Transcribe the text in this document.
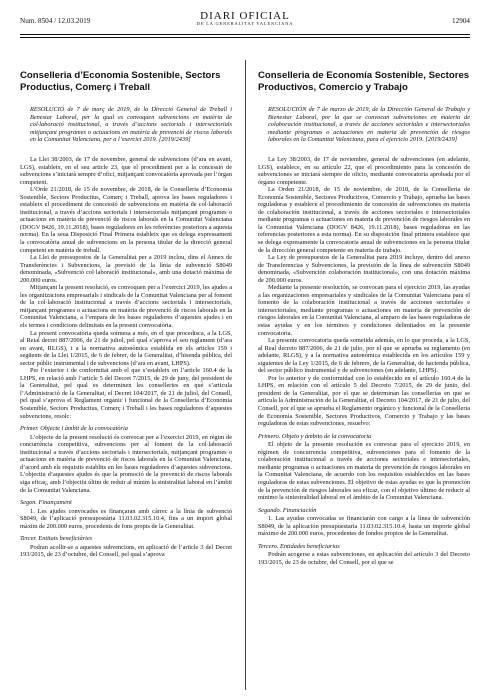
Num. 8504 / 12.03.2019	DIARI OFICIAL
DE LA GENERALITAT VALENCIANA	12904
Conselleria d’Economia Sostenible, Sectors Productius, Comerç i Treball
RESOLUCIÓ de 7 de març de 2019, de la Direcció General de Treball i Benestar Laboral, per la qual es convoquen subvencions en matèria de col·laboració institucional, a través d’accions sectorials i intersectorials mitjançant programes o actuacions en matèria de prevenció de riscos laborals en la Comunitat Valenciana, per a l’exercici 2019. [2019/2439]

La Llei 38/2003, de 17 de novembre, general de subvencions (d’ara en avant, LGS), estableix, en el seu article 23, que el procediment per a la concessió de subvencions s’iniciarà sempre d’ofici, mitjançant convocatòria aprovada per l’òrgan competent.

L’Orde 21/2018, de 15 de novembre, de 2018, de la Conselleria d’Economia Sostenible, Sectors Productius, Comerç i Treball, aprova les bases reguladores i estableix el procediment de concessió de subvencions en matèria de col·laboració institucional, a través d’accions sectorials i intersectorials mitjançant programes o actuacions en matèria de prevenció de riscos laborals en la Comunitat Valenciana (DOGV 8426, 19.11.2018), bases reguladores en les referències posteriors a aquesta norma). En la seua Disposició Final Primera estableix que es delega expressament la convocatòria anual de subvencions en la persona titular de la direcció general competent en matèria de treball.

La Llei de pressupostos de la Generalitat per a 2019 inclou, dins el Annex de Transferències i Subvencions, la previsió de la línia de subvenció S8049 denominada, «Subvenció col·laboració institucional», amb una dotació màxima de 200.000 euros.

Mitjançant la present resolució, es convoquen per a l’exercici 2019, les ajudes a les organitzacions empresarials i sindicals de la Comunitat Valenciana per al foment de la col·laboració institucional a través d’accions sectorials i intersectorials, mitjançant programes o actuacions en matèria de prevenció de riscos laborals en la Comunitat Valenciana, a l’empara de les bases reguladores d’aquestes ajudes i en els termes i condicions delimitats en la present convocatòria.

La present convocatòria queda sotmesa a més, en el que procedisca, a la LGS, al Reial decret 887/2006, de 21 de juliol, pel qual s’aprova el seu reglament (d’ara en avant, RLGS), i a la normativa autonòmica establida en els articles 159 i següents de la Llei 1/2015, de 6 de febrer, de la Generalitat, d’hisenda pública, del sector públic instrumental i de subvencions (d’ara en avant, LHPS).

Per l’exterior i de conformitat amb el que s’estableix en l’article 160.4 de la LHPS, en relació amb l’article 5 del Decret 7/2015, de 29 de juny, del president de la Generalitat, pel qual es determinen les conselleries en què s’articula l’Administració de la Generalitat, el Decret 104/2017, de 21 de juliol, del Consell, pel qual s’aprova el Reglament orgànic i funcional de la Conselleria d’Economia Sostenible, Sectors Productius, Comerç i Treball i les bases reguladores d’aquestes subvencions, resolc:

Primer. Objecte i àmbit de la convocatòria

L’objecte de la present resolució és convocar per a l’exercici 2019, en règim de concurrència competitiva, subvencions per al foment de la col·laboració institucional a través d’accions sectorials i intersectorials, mitjançant programes o actuacions en matèria de prevenció de riscos laborals en la Comunitat Valenciana, d’acord amb els requisits establits en les bases reguladores d’aquestes subvencions. L’objectiu d’aquestes ajudes és que la promoció de la prevenció de riscos laborals siga eficaç, amb l’objectiu últim de reduir al mínim la sinistralitat laboral en l’àmbit de la Comunitat Valenciana.

Segon. Finançament

1. Les ajudes convocades es finançaran amb càrrec a la línia de subvenció S8049, de l’aplicació pressupostària 11.03.02.315.10.4, fins a un import global màxim de 200.000 euros, procedents de fons propis de la Generalitat.

Tercer. Entitats beneficiàries

Podran acollir-se a aquestes subvencions, en aplicació de l’article 3 del Decret 193/2015, de 23 d’octubre, del Consell, pel qual s’aprova

Conselleria de Economía Sostenible, Sectores Productivos, Comercio y Trabajo
RESOLUCIÓN de 7 de marzo de 2019, de la Dirección General de Trabajo y Bienestar Laboral, por la que se convocan subvenciones en materia de colaboración institucional, a través de acciones sectoriales e intersectoriales mediante programas o actuaciones en materia de prevención de riesgos laborales en la Comunitat Valenciana, para el ejercicio 2019. [2019/2439]

La Ley 38/2003, de 17 de noviembre, general de subvenciones (en adelante, LGS), establece, en su artículo 22, que el procedimiento para la concesión de subvenciones se iniciará siempre de oficio, mediante convocatoria aprobada por el órgano competente.

La Orden 21/2018, de 15 de noviembre, de 2018, de la Conselleria de Economía Sostenible, Sectores Productivos, Comercio y Trabajo, aprueba las bases reguladoras y establece el procedimiento de concesión de subvenciones en materia de colaboración institucional, a través de acciones sectoriales e intersectoriales mediante programas o actuaciones en materia de prevención de riesgos laborales en la Comunitat Valenciana (DOGV 8426, 19.11.2018), bases reguladoras en las referencias posteriores a esta norma). En su disposición final primera establece que se delega expresamente la convocatoria anual de subvenciones en la persona titular de la dirección general competente en materia de trabajo.

La Ley de presupuestos de la Generalitat para 2019 incluye, dentro del anexo de Transferencias y Subvenciones, la previsión de la línea de subvención S8049 denominada, «Subvención colaboración institucional», con una dotación máxima de 200.000 euros.

Mediante la presente resolución, se convocan para el ejercicio 2019, las ayudas a las organizaciones empresariales y sindicales de la Comunitat Valenciana para el fomento de la colaboración institucional a través de acciones sectoriales e intersectoriales, mediante programas o actuaciones en materia de prevención de riesgos laborales en la Comunitat Valenciana, al amparo de las bases reguladoras de estas ayudas y en los términos y condiciones delimitados en la presente convocatoria.

La presente convocatoria queda sometida además, en lo que proceda, a la LGS, al Real decreto 887/2006, de 21 de julio, por el que se aprueba su reglamento (en adelante, RLGS), y a la normativa autonómica establecida en los artículos 159 y siguientes de la Ley 1/2015, de 6 de febrero, de la Generalitat, de hacienda pública, del sector público instrumental y de subvenciones (en adelante, LHPS).

Por lo anterior y de conformidad con lo establecido en el artículo 160.4 de la LHPS, en relación con el artículo 5 del Decreto 7/2015, de 29 de junio, del president de la Generalitat, por el que se determinan las consellerias en que se articula la Administración de la Generalitat, el Decreto 104/2017, de 21 de julio, del Consell, por el que se aprueba el Reglamento orgánico y funcional de la Conselleria de Economía Sostenible, Sectores Productivos, Comercio y Trabajo y las bases reguladoras de estas subvenciones, resuelvo:

Primero. Objeto y ámbito de la convocatoria

El objeto de la presente resolución es convocar para el ejercicio 2019, en régimen de concurrencia competitiva, subvenciones para el fomento de la colaboración institucional a través de acciones sectoriales e intersectoriales, mediante programas o actuaciones en materia de prevención de riesgos laborales en la Comunitat Valenciana, de acuerdo con los requisitos establecidos en las bases reguladoras de estas subvenciones. El objetivo de estas ayudas es que la promoción de la prevención de riesgos laborales sea eficaz, con el objetivo último de reducir al mínimo la siniestralidad laboral en el ámbito de la Comunitat Valenciana.

Segundo. Financiación

1. Las ayudas convocadas se financiarán con cargo a la línea de subvención S8049, de la aplicación presupuestaria 11.03.02.315.10.4, hasta un importe global máximo de 200.000 euros, procedentes de fondos propios de la Generalitat.

Tercero. Entidades beneficiarias

Podrán acogerse a estas subvenciones, en aplicación del artículo 3 del Decreto 193/2015, de 23 de octubre, del Consell, por el que se
